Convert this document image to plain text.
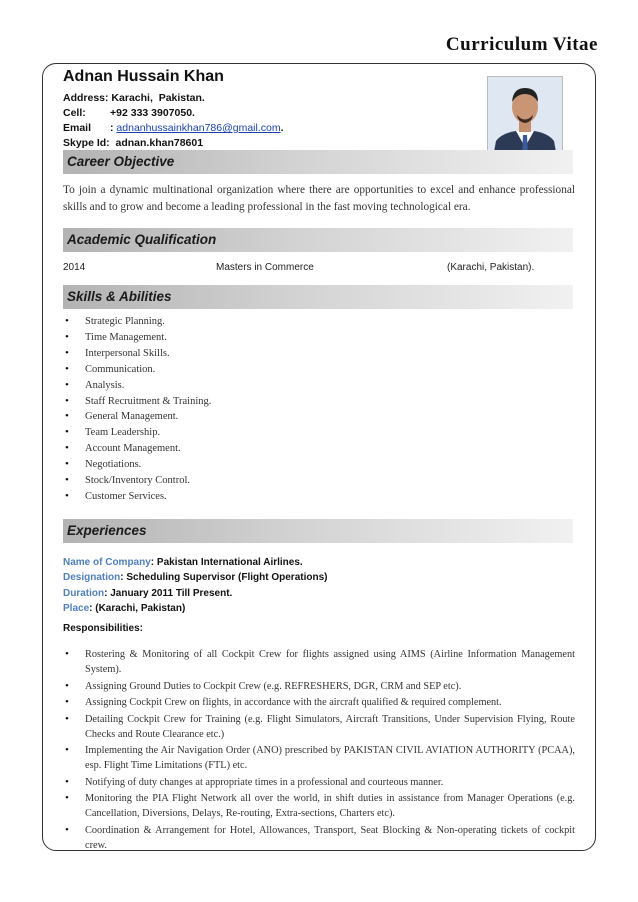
Curriculum Vitae
Adnan Hussain Khan
Address: Karachi,  Pakistan.
Cell: +92 333 3907050.
Email : adnanhussainkhan786@gmail.com.
Skype Id:  adnan.khan78601
Career Objective
To join a dynamic multinational organization where there are opportunities to excel and enhance professional skills and to grow and become a leading professional in the fast moving technological era.
Academic Qualification
2014	Masters in Commerce	(Karachi, Pakistan).
Skills & Abilities
• Strategic Planning.
• Time Management.
• Interpersonal Skills.
• Communication.
• Analysis.
• Staff Recruitment & Training.
• General Management.
• Team Leadership.
• Account Management.
• Negotiations.
• Stock/Inventory Control.
• Customer Services.
Experiences
Name of Company: Pakistan International Airlines.
Designation: Scheduling Supervisor (Flight Operations)
Duration: January 2011 Till Present.
Place: (Karachi, Pakistan)
Responsibilities:
• Rostering & Monitoring of all Cockpit Crew for flights assigned using AIMS (Airline Information Management System).
• Assigning Ground Duties to Cockpit Crew (e.g. REFRESHERS, DGR, CRM and SEP etc).
• Assigning Cockpit Crew on flights, in accordance with the aircraft qualified & required complement.
• Detailing Cockpit Crew for Training (e.g. Flight Simulators, Aircraft Transitions, Under Supervision Flying, Route Checks and Route Clearance etc.)
• Implementing the Air Navigation Order (ANO) prescribed by PAKISTAN CIVIL AVIATION AUTHORITY (PCAA), esp. Flight Time Limitations (FTL) etc.
• Notifying of duty changes at appropriate times in a professional and courteous manner.
• Monitoring the PIA Flight Network all over the world, in shift duties in assistance from Manager Operations (e.g. Cancellation, Diversions, Delays, Re-routing, Extra-sections, Charters etc).
• Coordination & Arrangement for Hotel, Allowances, Transport, Seat Blocking & Non-operating tickets of cockpit crew.
